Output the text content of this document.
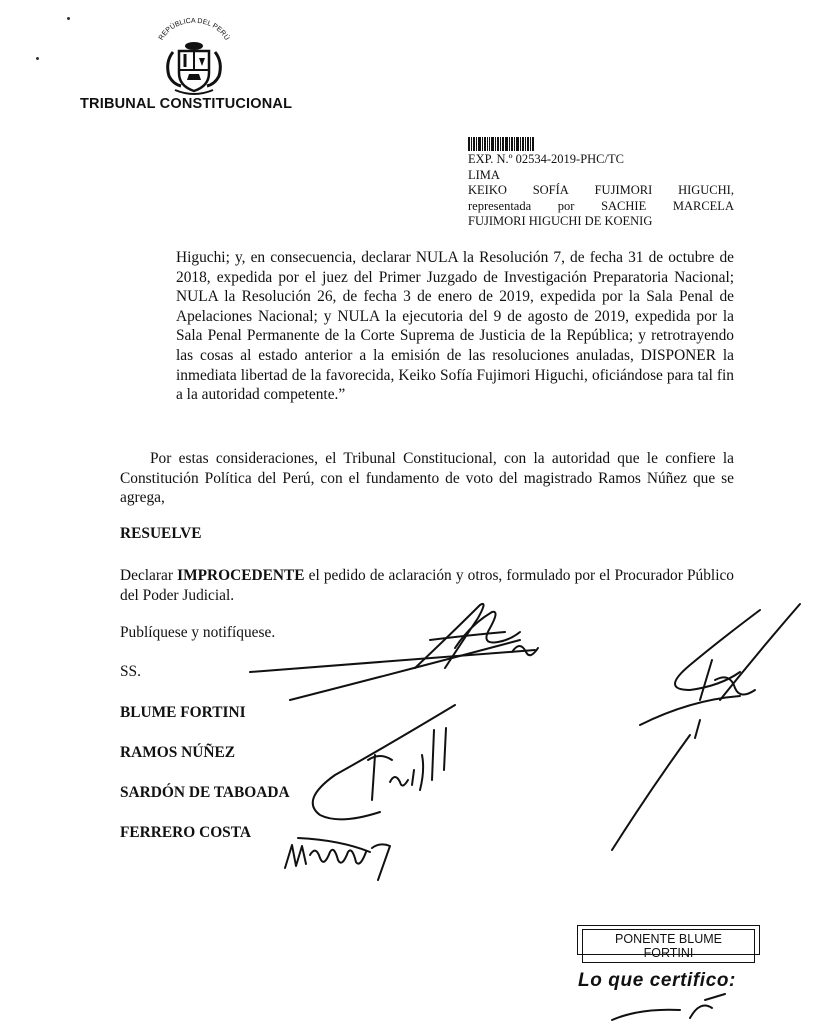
REPÚBLICA DEL PERÚ
TRIBUNAL CONSTITUCIONAL
EXP. N.º 02534-2019-PHC/TC
LIMA
KEIKO SOFÍA FUJIMORI HIGUCHI,
representada por SACHIE MARCELA
FUJIMORI HIGUCHI DE KOENIG
Higuchi; y, en consecuencia, declarar NULA la Resolución 7, de fecha 31 de octubre de 2018, expedida por el juez del Primer Juzgado de Investigación Preparatoria Nacional; NULA la Resolución 26, de fecha 3 de enero de 2019, expedida por la Sala Penal de Apelaciones Nacional; y NULA la ejecutoria del 9 de agosto de 2019, expedida por la Sala Penal Permanente de la Corte Suprema de Justicia de la República; y retrotrayendo las cosas al estado anterior a la emisión de las resoluciones anuladas, DISPONER la inmediata libertad de la favorecida, Keiko Sofía Fujimori Higuchi, oficiándose para tal fin a la autoridad competente.”
Por estas consideraciones, el Tribunal Constitucional, con la autoridad que le confiere la Constitución Política del Perú, con el fundamento de voto del magistrado Ramos Núñez que se agrega,
RESUELVE
Declarar IMPROCEDENTE el pedido de aclaración y otros, formulado por el Procurador Público del Poder Judicial.
Publíquese y notifíquese.
SS.
BLUME FORTINI
RAMOS NÚÑEZ
SARDÓN DE TABOADA
FERRERO COSTA
PONENTE BLUME FORTINI
Lo que certifico:
